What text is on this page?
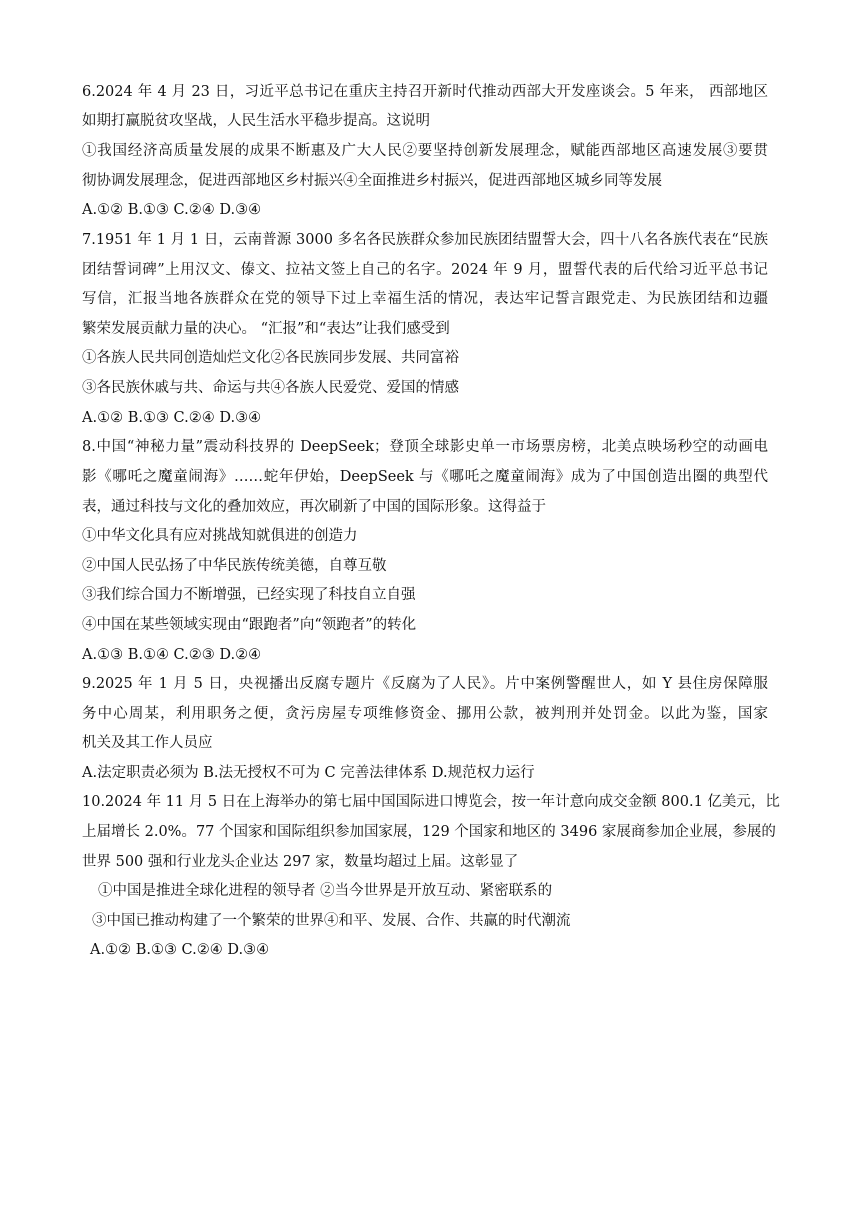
6.2024 年 4 月 23 日，习近平总书记在重庆主持召开新时代推动西部大开发座谈会。5 年来， 西部地区
如期打赢脱贫攻坚战，人民生活水平稳步提高。这说明
①我国经济高质量发展的成果不断惠及广大人民②要坚持创新发展理念，赋能西部地区高速发展③要贯
彻协调发展理念，促进西部地区乡村振兴④全面推进乡村振兴，促进西部地区城乡同等发展
A.①② B.①③ C.②④ D.③④
7.1951 年 1 月 1 日，云南普源 3000 多名各民族群众参加民族团结盟誓大会，四十八名各族代表在“民族
团结誓词碑”上用汉文、傣文、拉祜文签上自己的名字。2024 年 9 月，盟誓代表的后代给习近平总书记
写信，汇报当地各族群众在党的领导下过上幸福生活的情况，表达牢记誓言跟党走、为民族团结和边疆
繁荣发展贡献力量的决心。 “汇报”和“表达”让我们感受到
①各族人民共同创造灿烂文化②各民族同步发展、共同富裕
③各民族休戚与共、命运与共④各族人民爱党、爱国的情感
A.①② B.①③ C.②④ D.③④
8.中国“神秘力量”震动科技界的 DeepSeek；登顶全球影史单一市场票房榜，北美点映场秒空的动画电
影《哪吒之魔童闹海》……蛇年伊始，DeepSeek 与《哪吒之魔童闹海》成为了中国创造出圈的典型代
表，通过科技与文化的叠加效应，再次刷新了中国的国际形象。这得益于
①中华文化具有应对挑战知就俱进的创造力
②中国人民弘扬了中华民族传统美德，自尊互敬
③我们综合国力不断增强，已经实现了科技自立自强
④中国在某些领域实现由“跟跑者”向“领跑者”的转化
A.①③ B.①④ C.②③ D.②④
9.2025 年 1 月 5 日，央视播出反腐专题片《反腐为了人民》。片中案例警醒世人，如 Y 县住房保障服
务中心周某，利用职务之便，贪污房屋专项维修资金、挪用公款，被判刑并处罚金。以此为鉴，国家
机关及其工作人员应
A.法定职责必须为 B.法无授权不可为 C 完善法律体系 D.规范权力运行
10.2024 年 11 月 5 日在上海举办的第七届中国国际进口博览会，按一年计意向成交金额 800.1 亿美元，比
上届增长 2.0%。77 个国家和国际组织参加国家展，129 个国家和地区的 3496 家展商参加企业展，参展的
世界 500 强和行业龙头企业达 297 家，数量均超过上届。这彰显了
①中国是推进全球化进程的领导者 ②当今世界是开放互动、紧密联系的
③中国已推动构建了一个繁荣的世界④和平、发展、合作、共赢的时代潮流
A.①② B.①③ C.②④ D.③④
